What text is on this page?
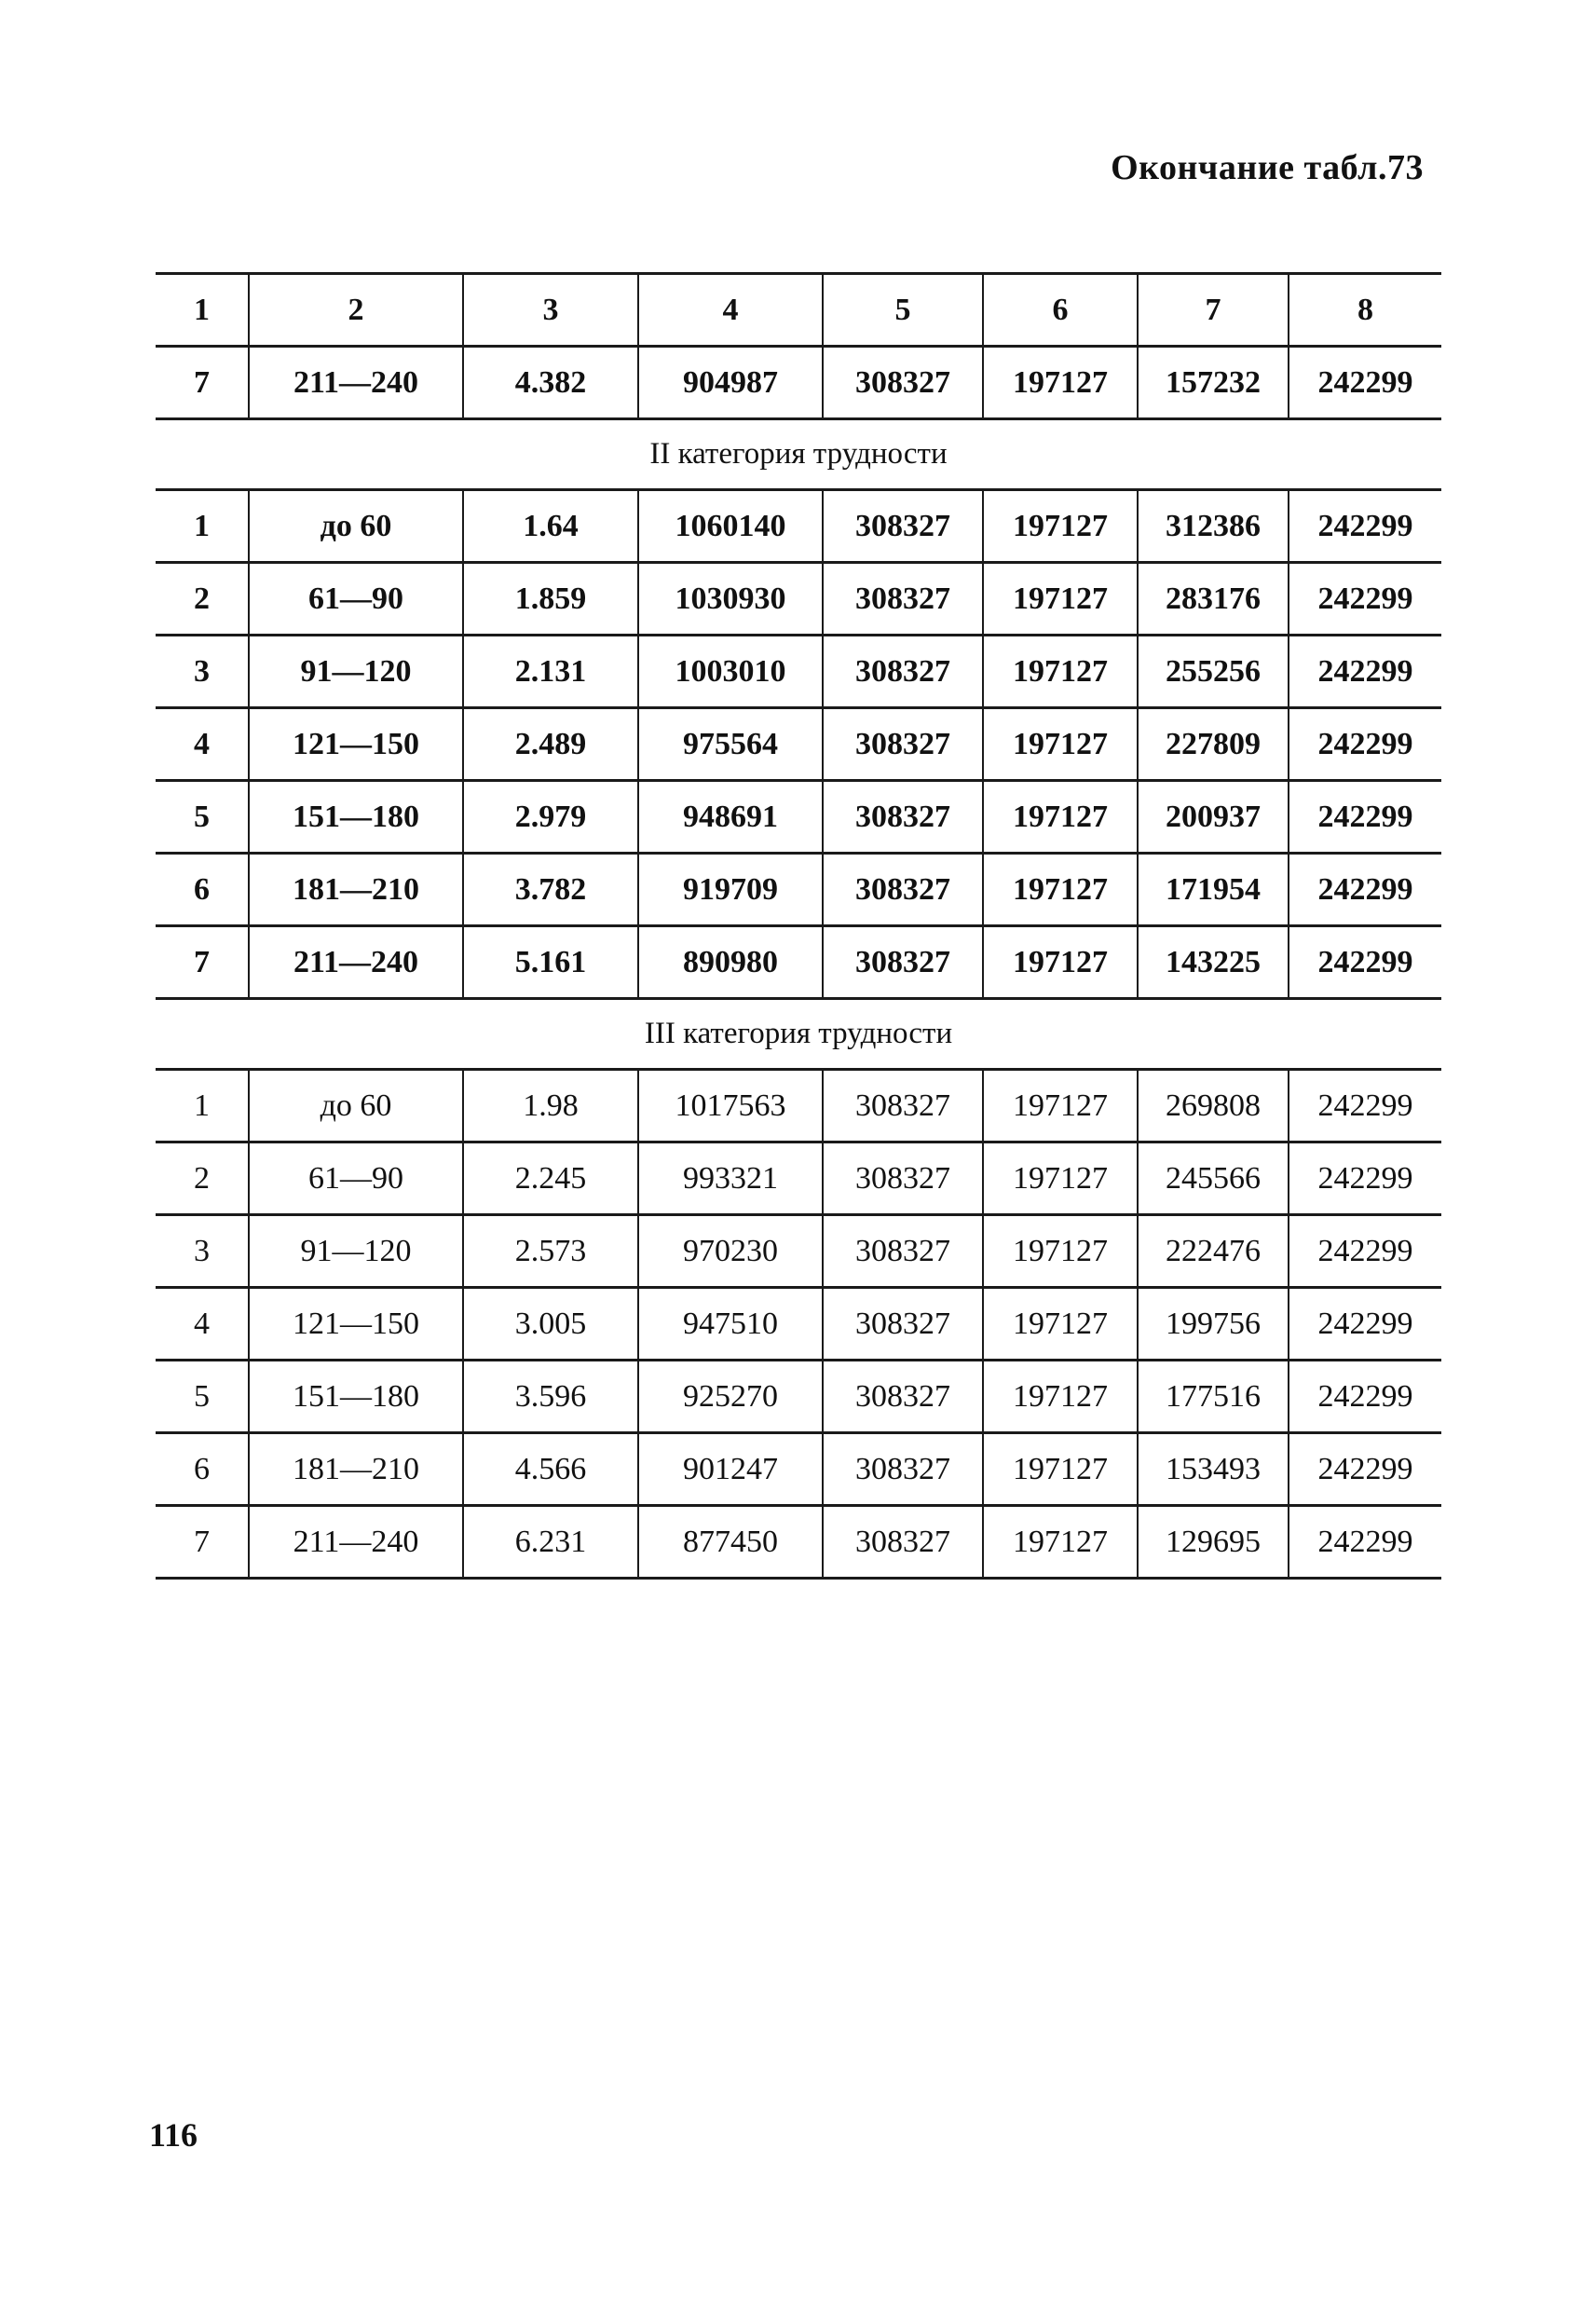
Окончание табл.73
1	2	3	4	5	6	7	8
7	211—240	4.382	904987	308327	197127	157232	242299
II категория трудности							
1	до 60	1.64	1060140	308327	197127	312386	242299
2	61—90	1.859	1030930	308327	197127	283176	242299
3	91—120	2.131	1003010	308327	197127	255256	242299
4	121—150	2.489	975564	308327	197127	227809	242299
5	151—180	2.979	948691	308327	197127	200937	242299
6	181—210	3.782	919709	308327	197127	171954	242299
7	211—240	5.161	890980	308327	197127	143225	242299
III категория трудности							
1	до 60	1.98	1017563	308327	197127	269808	242299
2	61—90	2.245	993321	308327	197127	245566	242299
3	91—120	2.573	970230	308327	197127	222476	242299
4	121—150	3.005	947510	308327	197127	199756	242299
5	151—180	3.596	925270	308327	197127	177516	242299
6	181—210	4.566	901247	308327	197127	153493	242299
7	211—240	6.231	877450	308327	197127	129695	242299
116
